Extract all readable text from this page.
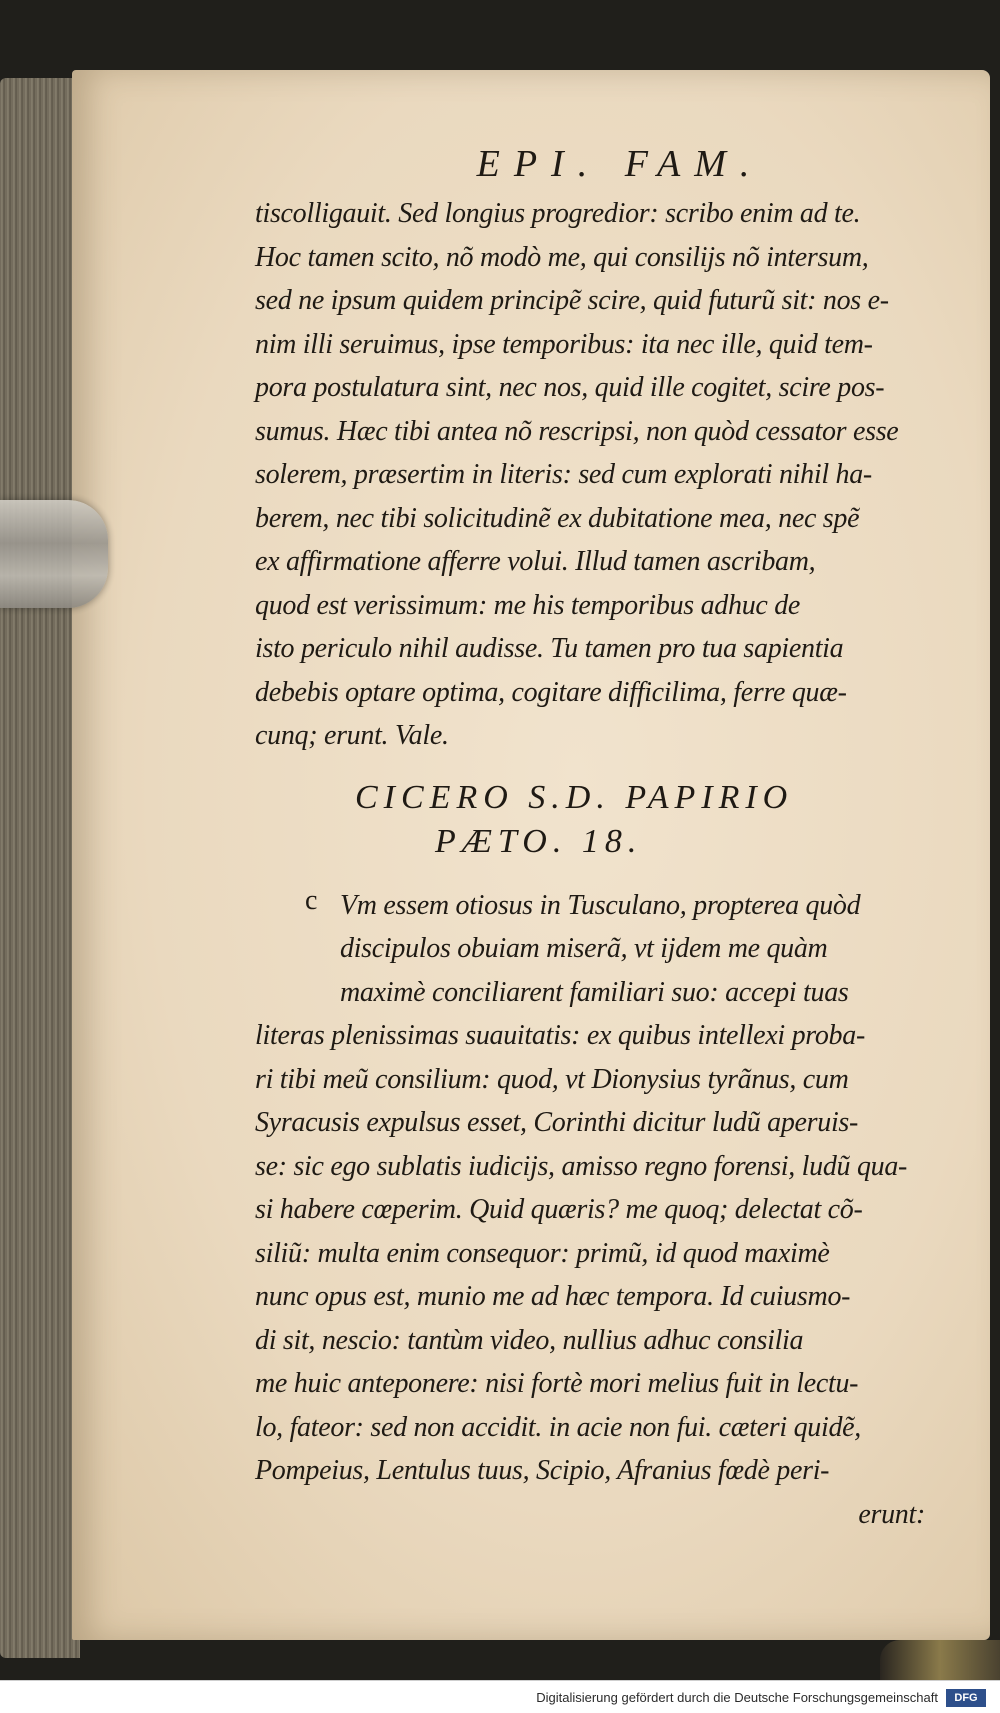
EPI. FAM.
tiscolligauit. Sed longius progredior: scribo enim ad te.
Hoc tamen scito, nõ modò me, qui consilijs nõ intersum,
sed ne ipsum quidem principẽ scire, quid futurũ sit: nos e-
nim illi seruimus, ipse temporibus: ita nec ille, quid tem-
pora postulatura sint, nec nos, quid ille cogitet, scire pos-
sumus. Hæc tibi antea nõ rescripsi, non quòd cessator esse
solerem, præsertim in literis: sed cum explorati nihil ha-
berem, nec tibi solicitudinẽ ex dubitatione mea, nec spẽ
ex affirmatione afferre volui. Illud tamen ascribam,
quod est verissimum: me his temporibus adhuc de
isto periculo nihil audisse. Tu tamen pro tua sapientia
debebis optare optima, cogitare difficilima, ferre quæ-
cunq; erunt. Vale.
CICERO S.D. PAPIRIO
PÆTO. 18.
Vm essem otiosus in Tusculano, propterea quòd
discipulos obuiam miserã, vt ijdem me quàm
maximè conciliarent familiari suo: accepi tuas
literas plenissimas suauitatis: ex quibus intellexi proba-
ri tibi meũ consilium: quod, vt Dionysius tyrãnus, cum
Syracusis expulsus esset, Corinthi dicitur ludũ aperuis-
se: sic ego sublatis iudicijs, amisso regno forensi, ludũ qua-
si habere cœperim. Quid quæris? me quoq; delectat cõ-
siliũ: multa enim consequor: primũ, id quod maximè
nunc opus est, munio me ad hæc tempora. Id cuiusmo-
di sit, nescio: tantùm video, nullius adhuc consilia
me huic anteponere: nisi fortè mori melius fuit in lectu-
lo, fateor: sed non accidit. in acie non fui. cæteri quidẽ,
Pompeius, Lentulus tuus, Scipio, Afranius fœdè peri-
erunt:
c
Digitalisierung gefördert durch die Deutsche Forschungsgemeinschaft	DFG
